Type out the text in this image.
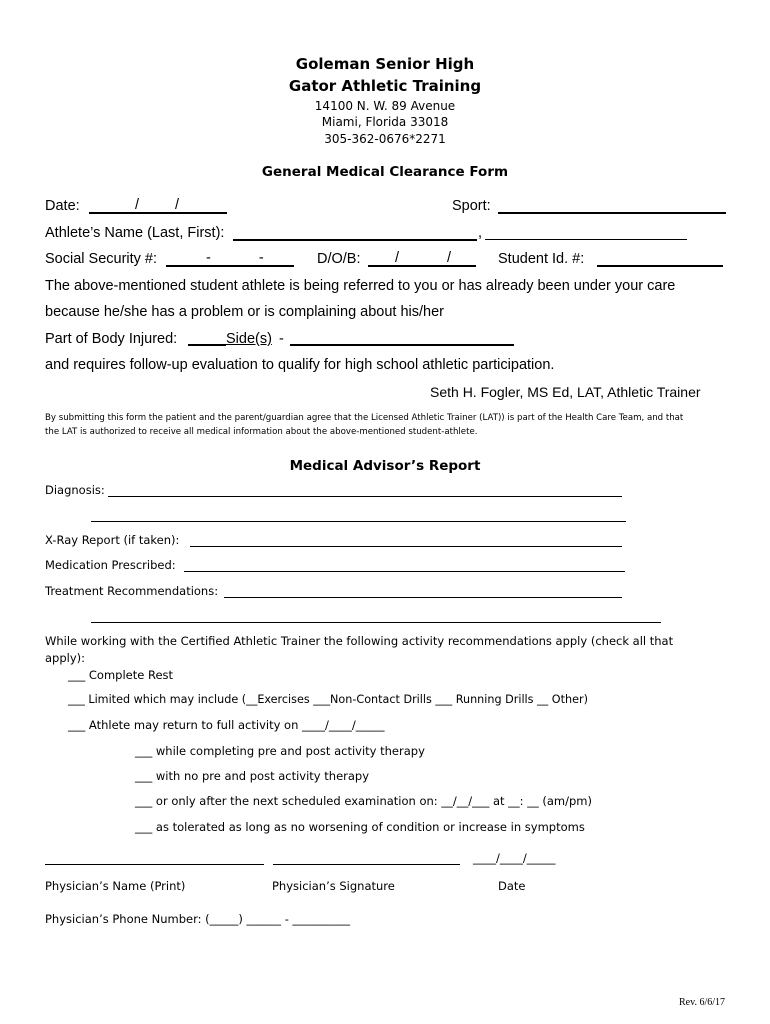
Goleman Senior High
Gator Athletic Training
14100 N. W. 89 Avenue
Miami, Florida 33018
305-362-0676*2271
General Medical Clearance Form
Date:	/ /	Sport:
Athlete’s Name (Last, First):	,
Social Security #:	- - D/O/B: / / Student Id. #:
The above-mentioned student athlete is being referred to you or has already been under your care
because he/she has a problem or is complaining about his/her
Part of Body Injured:	Side(s) -
and requires follow-up evaluation to qualify for high school athletic participation.
Seth H. Fogler, MS Ed, LAT, Athletic Trainer
By submitting this form the patient and the parent/guardian agree that the Licensed Athletic Trainer (LAT)) is part of the Health Care Team, and that
the LAT is authorized to receive all medical information about the above-mentioned student-athlete.
Medical Advisor’s Report
Diagnosis:
X-Ray Report (if taken):
Medication Prescribed:
Treatment Recommendations:
While working with the Certified Athletic Trainer the following activity recommendations apply (check all that
apply):
___ Complete Rest
___ Limited which may include (__Exercises ___Non-Contact Drills ___ Running Drills __ Other)
___ Athlete may return to full activity on ____/____/_____
___ while completing pre and post activity therapy
___ with no pre and post activity therapy
___ or only after the next scheduled examination on: __/__/___ at __: __ (am/pm)
___ as tolerated as long as no worsening of condition or increase in symptoms
____/____/_____
Physician’s Name (Print)	Physician’s Signature	Date
Physician’s Phone Number: (_____) ______ - __________
Rev. 6/6/17
